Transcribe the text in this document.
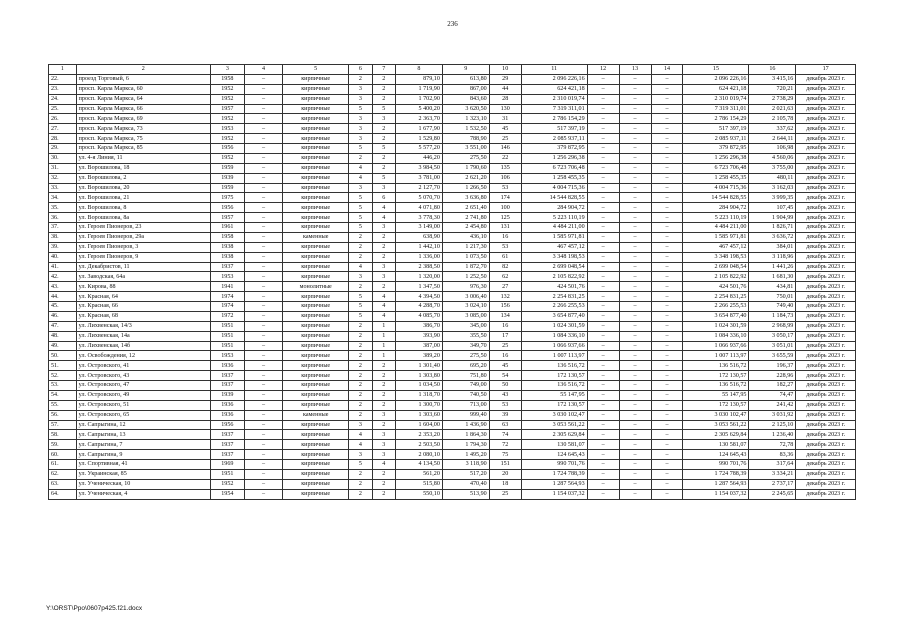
236
1	2	3	4	5	6	7	8	9	10	11	12	13	14	15	16	17
22.	проезд Торговый, 6	1958	–	кирпичные	2	2	879,10	613,80	29	2 096 226,16	–	–	–	2 096 226,16	3 415,16	декабрь 2023 г.
23.	просп. Карла Маркса, 60	1952	–	кирпичные	3	2	1 719,90	867,00	44	624 421,18	–	–	–	624 421,18	720,21	декабрь 2023 г.
24.	просп. Карла Маркса, 64	1952	–	кирпичные	3	2	1 702,90	843,60	28	2 310 019,74	–	–	–	2 310 019,74	2 738,29	декабрь 2023 г.
25.	просп. Карла Маркса, 66	1957	–	кирпичные	5	5	5 400,20	3 620,50	130	7 319 311,01	–	–	–	7 319 311,01	2 021,63	декабрь 2023 г.
26.	просп. Карла Маркса, 69	1952	–	кирпичные	3	3	2 363,70	1 323,10	31	2 786 154,29	–	–	–	2 786 154,29	2 105,78	декабрь 2023 г.
27.	просп. Карла Маркса, 73	1953	–	кирпичные	3	2	1 677,90	1 532,50	45	517 397,19	–	–	–	517 397,19	337,62	декабрь 2023 г.
28.	просп. Карла Маркса, 75	1952	–	кирпичные	3	2	1 529,80	788,90	25	2 085 937,11	–	–	–	2 085 937,11	2 644,11	декабрь 2023 г.
29.	просп. Карла Маркса, 85	1956	–	кирпичные	5	5	5 577,20	3 551,00	146	379 872,95	–	–	–	379 872,95	106,98	декабрь 2023 г.
30.	ул. 4-я Линия, 11	1952	–	кирпичные	2	2	446,20	275,50	22	1 256 296,38	–	–	–	1 256 296,38	4 560,06	декабрь 2023 г.
31.	ул. Ворошилова, 18	1959	–	кирпичные	4	2	3 984,50	1 790,60	135	6 723 706,48	–	–	–	6 723 706,48	3 755,00	декабрь 2023 г.
32.	ул. Ворошилова, 2	1939	–	кирпичные	4	5	3 781,00	2 621,20	106	1 258 455,35	–	–	–	1 258 455,35	480,11	декабрь 2023 г.
33.	ул. Ворошилова, 20	1959	–	кирпичные	3	3	2 127,70	1 266,50	53	4 004 715,36	–	–	–	4 004 715,36	3 162,03	декабрь 2023 г.
34.	ул. Ворошилова, 21	1975	–	кирпичные	5	6	5 070,70	3 636,80	174	14 544 828,55	–	–	–	14 544 828,55	3 999,35	декабрь 2023 г.
35.	ул. Ворошилова, 8	1956	–	кирпичные	5	4	4 071,80	2 651,40	100	284 904,72	–	–	–	284 904,72	107,45	декабрь 2023 г.
36.	ул. Ворошилова, 8а	1957	–	кирпичные	5	4	3 778,30	2 741,80	125	5 223 110,19	–	–	–	5 223 110,19	1 904,99	декабрь 2023 г.
37.	ул. Героев Пионеров, 23	1961	–	кирпичные	5	3	3 149,00	2 454,80	131	4 484 211,00	–	–	–	4 484 211,00	1 826,71	декабрь 2023 г.
38.	ул. Героев Пионеров, 29а	1958	–	каменные	2	2	638,90	436,10	16	1 585 971,81	–	–	–	1 585 971,81	3 636,72	декабрь 2023 г.
39.	ул. Героев Пионеров, 3	1938	–	кирпичные	2	2	1 442,10	1 217,30	53	467 457,12	–	–	–	467 457,12	384,01	декабрь 2023 г.
40.	ул. Героев Пионеров, 9	1938	–	кирпичные	2	2	1 336,00	1 073,50	61	3 348 198,53	–	–	–	3 348 198,53	3 118,96	декабрь 2023 г.
41.	ул. Декабристов, 11	1937	–	кирпичные	4	3	2 388,50	1 872,70	82	2 699 048,54	–	–	–	2 699 048,54	1 441,26	декабрь 2023 г.
42.	ул. Заводская, 64а	1953	–	кирпичные	3	3	1 320,00	1 252,50	62	2 105 822,92	–	–	–	2 105 822,92	1 681,30	декабрь 2023 г.
43.	ул. Кирова, 88	1941	–	монолитные	2	2	1 347,50	976,30	27	424 501,76	–	–	–	424 501,76	434,81	декабрь 2023 г.
44.	ул. Красная, 64	1974	–	кирпичные	5	4	4 394,50	3 006,40	132	2 254 831,25	–	–	–	2 254 831,25	750,01	декабрь 2023 г.
45.	ул. Красная, 66	1974	–	кирпичные	5	4	4 288,70	3 024,10	156	2 266 255,53	–	–	–	2 266 255,53	749,40	декабрь 2023 г.
46.	ул. Красная, 68	1972	–	кирпичные	5	4	4 085,70	3 085,00	134	3 654 877,40	–	–	–	3 654 877,40	1 184,73	декабрь 2023 г.
47.	ул. Лихвенская, 14/3	1951	–	кирпичные	2	1	386,70	345,00	16	1 024 301,59	–	–	–	1 024 301,59	2 968,99	декабрь 2023 г.
48.	ул. Лихвенская, 14а	1951	–	кирпичные	2	1	393,90	355,50	17	1 084 336,10	–	–	–	1 084 336,10	3 050,17	декабрь 2023 г.
49.	ул. Лихвенская, 14б	1951	–	кирпичные	2	1	387,00	349,70	25	1 066 937,66	–	–	–	1 066 937,66	3 051,01	декабрь 2023 г.
50.	ул. Освобождения, 12	1953	–	кирпичные	2	1	389,20	275,50	16	1 007 113,97	–	–	–	1 007 113,97	3 655,59	декабрь 2023 г.
51.	ул. Островского, 41	1936	–	кирпичные	2	2	1 301,40	695,20	45	136 516,72	–	–	–	136 516,72	196,37	декабрь 2023 г.
52.	ул. Островского, 43	1937	–	кирпичные	2	2	1 303,80	751,80	54	172 130,57	–	–	–	172 130,57	228,96	декабрь 2023 г.
53.	ул. Островского, 47	1937	–	кирпичные	2	2	1 034,50	749,00	50	136 516,72	–	–	–	136 516,72	182,27	декабрь 2023 г.
54.	ул. Островского, 49	1939	–	кирпичные	2	2	1 318,70	740,50	43	55 147,95	–	–	–	55 147,95	74,47	декабрь 2023 г.
55.	ул. Островского, 51	1936	–	кирпичные	2	2	1 300,70	713,00	53	172 130,57	–	–	–	172 130,57	241,42	декабрь 2023 г.
56.	ул. Островского, 65	1936	–	каменные	2	3	1 303,60	999,40	39	3 030 102,47	–	–	–	3 030 102,47	3 031,92	декабрь 2023 г.
57.	ул. Сапрыгина, 12	1956	–	кирпичные	3	2	1 604,00	1 436,90	63	3 053 561,22	–	–	–	3 053 561,22	2 125,10	декабрь 2023 г.
58.	ул. Сапрыгина, 13	1937	–	кирпичные	4	3	2 353,20	1 864,30	74	2 305 629,84	–	–	–	2 305 629,84	1 236,40	декабрь 2023 г.
59.	ул. Сапрыгина, 7	1937	–	кирпичные	4	3	2 503,50	1 794,30	72	130 581,07	–	–	–	130 581,07	72,78	декабрь 2023 г.
60.	ул. Сапрыгина, 9	1937	–	кирпичные	3	3	2 080,10	1 495,20	75	124 645,43	–	–	–	124 645,43	83,36	декабрь 2023 г.
61.	ул. Спортивная, 41	1969	–	кирпичные	5	4	4 134,50	3 118,90	151	990 701,76	–	–	–	990 701,76	317,64	декабрь 2023 г.
62.	ул. Украинская, 85	1951	–	кирпичные	2	2	561,20	517,20	20	1 724 788,39	–	–	–	1 724 788,39	3 334,21	декабрь 2023 г.
63.	ул. Ученическая, 10	1952	–	кирпичные	2	2	515,80	470,40	18	1 287 564,93	–	–	–	1 287 564,93	2 737,17	декабрь 2023 г.
64.	ул. Ученическая, 4	1954	–	кирпичные	2	2	550,10	513,90	25	1 154 037,32	–	–	–	1 154 037,32	2 245,65	декабрь 2023 г.
Y:\ORST\Ppo\0607p425.f21.docx
